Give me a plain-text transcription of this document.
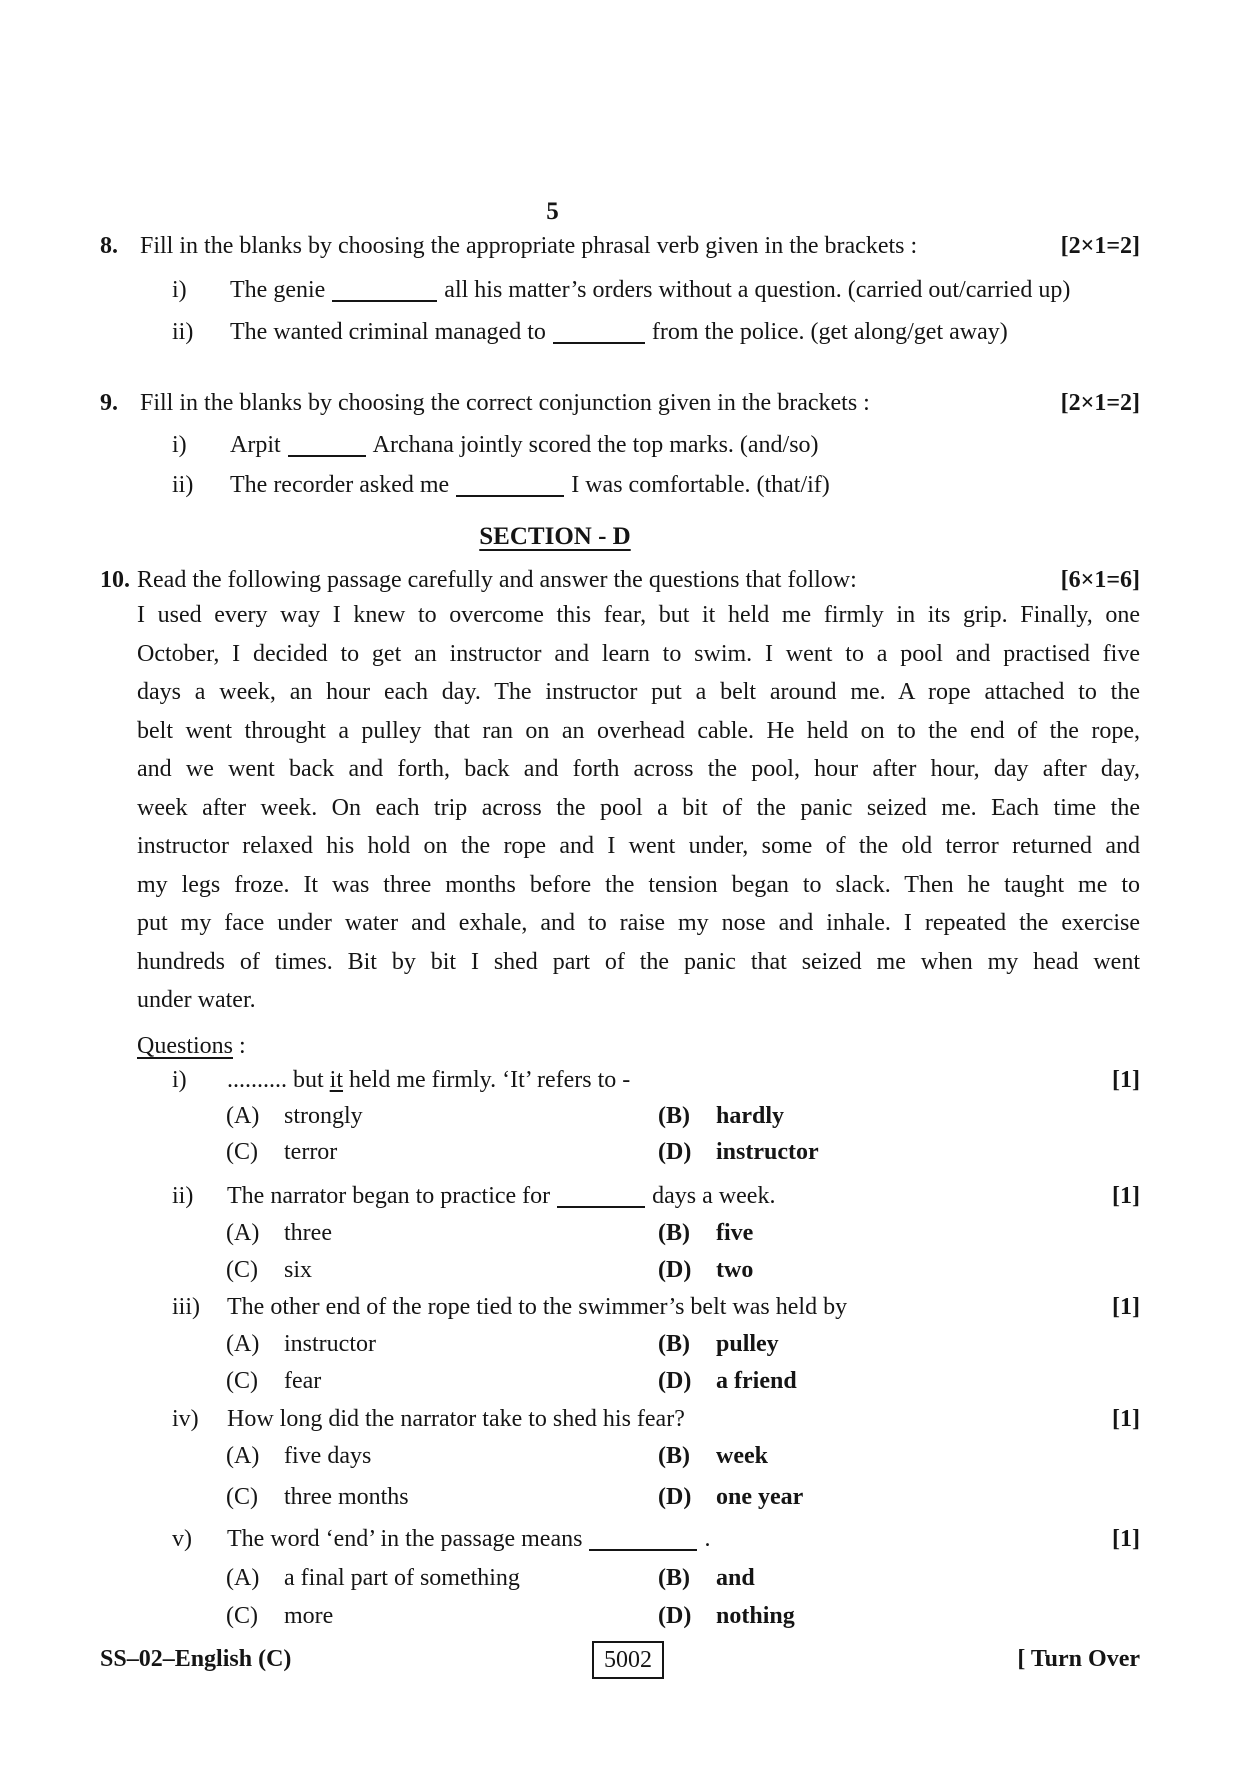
5
8. Fill in the blanks by choosing the appropriate phrasal verb given in the brackets :	[2×1=2]
i)	The genie	all his matter’s orders without a question. (carried out/carried up)
ii)	The wanted criminal managed to	from the police. (get along/get away)
9. Fill in the blanks by choosing the correct conjunction given in the brackets :	[2×1=2]
i)	Arpit	Archana jointly scored the top marks. (and/so)
ii)	The recorder asked me	I was comfortable. (that/if)
SECTION - D
10. Read the following passage carefully and answer the questions that follow:	[6×1=6]
I used every way I knew to overcome this fear, but it held me firmly in its grip. Finally, one
October, I decided to get an instructor and learn to swim. I went to a pool and practised five
days a week, an hour each day. The instructor put a belt around me. A rope attached to the
belt went throught a pulley that ran on an overhead cable. He held on to the end of the rope,
and we went back and forth, back and forth across the pool, hour after hour, day after day,
week after week. On each trip across the pool a bit of the panic seized me. Each time the
instructor relaxed his hold on the rope and I went under, some of the old terror returned and
my legs froze. It was three months before the tension began to slack. Then he taught me to
put my face under water and exhale, and to raise my nose and inhale. I repeated the exercise
hundreds of times. Bit by bit I shed part of the panic that seized me when my head went
under water.
Questions :
i)	.......... but it held me firmly. ‘It’ refers to -	[1]
(A)	strongly	(B)	hardly
(C)	terror	(D)	instructor
ii)	The narrator began to practice for	days a week.	[1]
(A)	three	(B)	five
(C)	six	(D)	two
iii)	The other end of the rope tied to the swimmer’s belt was held by	[1]
(A)	instructor	(B)	pulley
(C)	fear	(D)	a friend
iv)	How long did the narrator take to shed his fear?	[1]
(A)	five days	(B)	week
(C)	three months	(D)	one year
v)	The word ‘end’ in the passage means	.	[1]
(A)	a final part of something	(B)	and
(C)	more	(D)	nothing
SS–02–English (C)	5002	[ Turn Over
